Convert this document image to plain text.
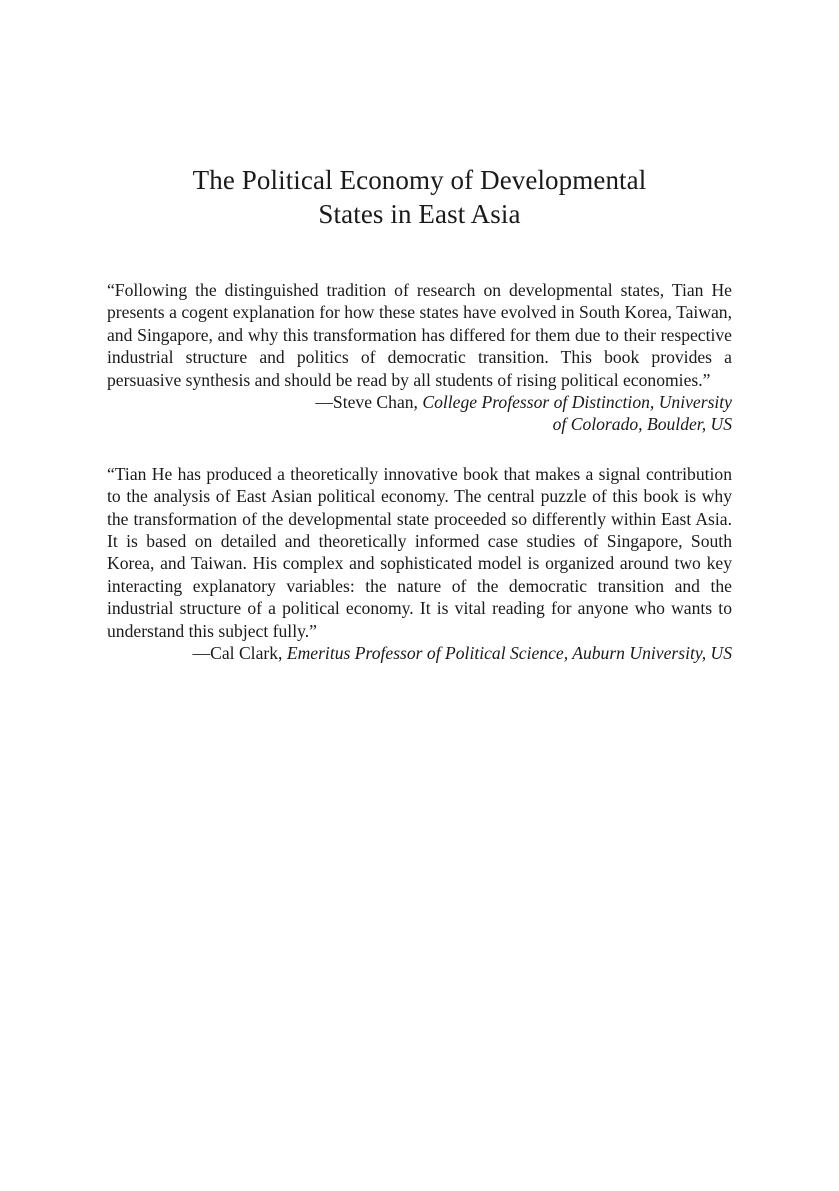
The Political Economy of Developmental
States in East Asia

“Following the distinguished tradition of research on developmental states, Tian He presents a cogent explanation for how these states have evolved in South Korea, Taiwan, and Singapore, and why this transformation has differed for them due to their respective industrial structure and politics of democratic transition. This book provides a persuasive synthesis and should be read by all students of rising political economies.”

—Steve Chan, College Professor of Distinction, University
of Colorado, Boulder, US

“Tian He has produced a theoretically innovative book that makes a signal contribution to the analysis of East Asian political economy. The central puzzle of this book is why the transformation of the developmental state proceeded so differently within East Asia. It is based on detailed and theoretically informed case studies of Singapore, South Korea, and Taiwan. His complex and sophisticated model is organized around two key interacting explanatory variables: the nature of the democratic transition and the industrial structure of a political economy. It is vital reading for anyone who wants to understand this subject fully.”

—Cal Clark, Emeritus Professor of Political Science, Auburn University, US
